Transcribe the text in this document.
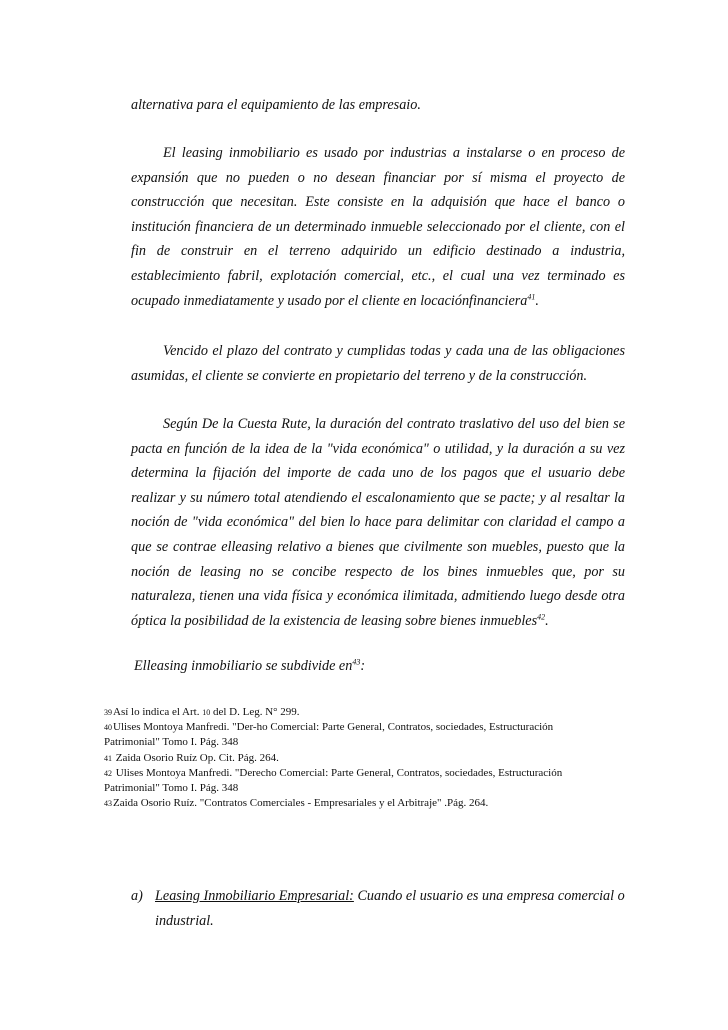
alternativa para el equipamiento de las empresaio.

El leasing inmobiliario es usado por industrias a instalarse o en proceso de expansión que no pueden o no desean financiar por sí misma el proyecto de construcción que necesitan. Este consiste en la adquisión que hace el banco o institución financiera de un determinado inmueble seleccionado por el cliente, con el fin de construir en el terreno adquirido un edificio destinado a industria, establecimiento fabril, explotación comercial, etc., el cual una vez terminado es ocupado inmediatamente y usado por el cliente en locaciónfinanciera$^{41}$.

Vencido el plazo del contrato y cumplidas todas y cada una de las obligaciones asumidas, el cliente se convierte en propietario del terreno y de la construcción.

Según De la Cuesta Rute, la duración del contrato traslativo del uso del bien se pacta en función de la idea de la "vida económica" o utilidad, y la duración a su vez determina la fijación del importe de cada uno de los pagos que el usuario debe realizar y su número total atendiendo el escalonamiento que se pacte; y al resaltar la noción de "vida económica" del bien lo hace para delimitar con claridad el campo a que se contrae elleasing relativo a bienes que civilmente son muebles, puesto que la noción de leasing no se concibe respecto de los bines inmuebles que, por su naturaleza, tienen una vida física y económica ilimitada, admitiendo luego desde otra óptica la posibilidad de la existencia de leasing sobre bienes inmuebles$^{42}$.

Elleasing inmobiliario se subdivide $en^{43}$:

39Así lo indica el Art. 10 del D. Leg. N° 299.

40Ulises Montoya Manfredi. "Der-ho Comercial: Parte General, Contratos, sociedades, Estructuración Patrimonial" Tomo I. Pág. 348

41 Zaida Osorio Ruíz Op. Cit. Pág. 264.

42 Ulises Montoya Manfredi. "Derecho Comercial: Parte General, Contratos, sociedades, Estructuración Patrimonial" Tomo I. Pág. 348

43Zaida Osorio Ruíz. "Contratos Comerciales - Empresariales y el Arbitraje" .Pág. 264.

a) Leasing Inmobiliario Empresarial: Cuando el usuario es una empresa comercial o industrial.
